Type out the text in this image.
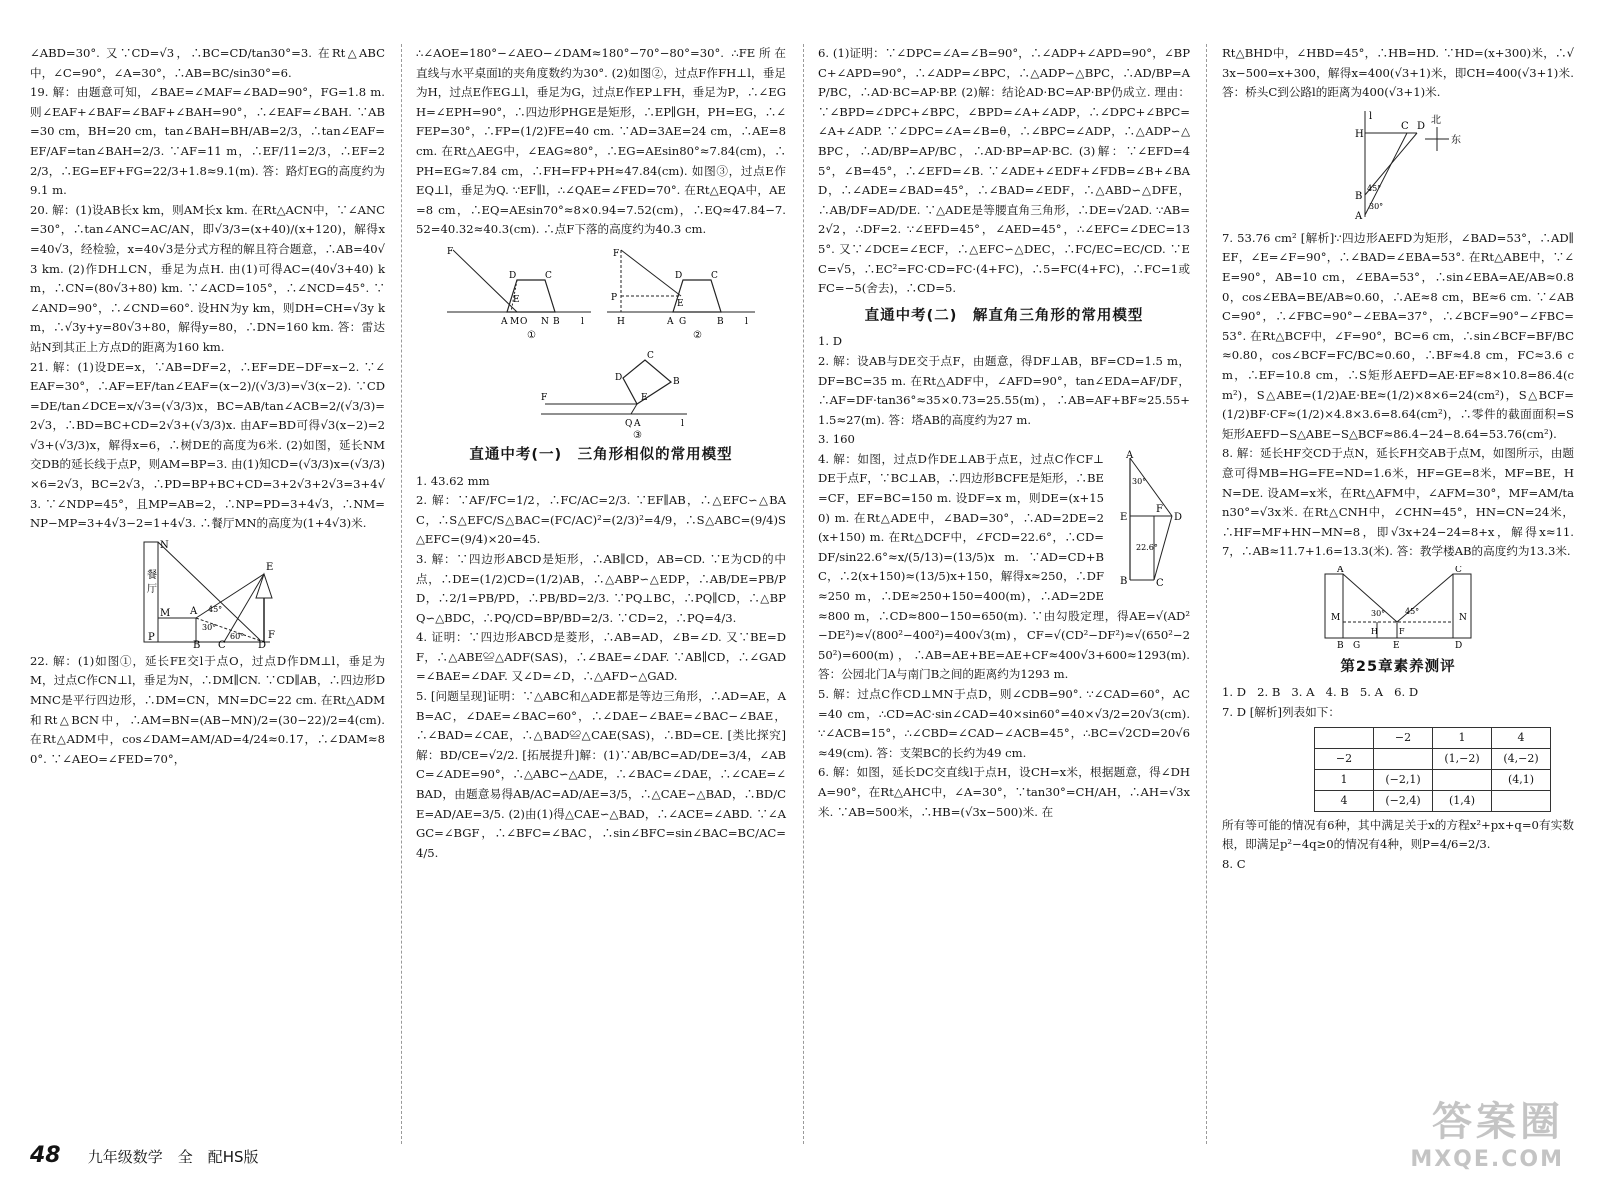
∠ABD=30°. 又∵CD=√3，∴BC=CD/tan30°=3. 在Rt△ABC中，∠C=90°，∠A=30°，∴AB=BC/sin30°=6.

19. 解：由题意可知，∠BAE=∠MAF=∠BAD=90°，FG=1.8 m. 则∠EAF+∠BAF=∠BAF+∠BAH=90°，∴∠EAF=∠BAH. ∵AB=30 cm，BH=20 cm，tan∠BAH=BH/AB=2/3，∴tan∠EAF=EF/AF=tan∠BAH=2/3. ∵AF=11 m，∴EF/11=2/3，∴EF=22/3，∴EG=EF+FG=22/3+1.8≈9.1(m). 答：路灯EG的高度约为9.1 m.

20. 解：(1)设AB长x km，则AM长x km. 在Rt△ACN中，∵∠ANC=30°，∴tan∠ANC=AC/AN，即√3/3=(x+40)/(x+120)，解得x=40√3，经检验，x=40√3是分式方程的解且符合题意，∴AB=40√3 km. (2)作DH⊥CN，垂足为点H. 由(1)可得AC=(40√3+40) km，∴CN=(80√3+80) km. ∵∠ACD=105°，∴∠NCD=45°. ∵∠AND=90°，∴∠CND=60°. 设HN为y km，则DH=CH=√3y km，∴√3y+y=80√3+80，解得y=80，∴DN=160 km. 答：雷达站N到其正上方点D的距离为160 km.

21. 解：(1)设DE=x，∵AB=DF=2，∴EF=DE−DF=x−2. ∵∠EAF=30°，∴AF=EF/tan∠EAF=(x−2)/(√3/3)=√3(x−2). ∵CD=DE/tan∠DCE=x/√3=(√3/3)x，BC=AB/tan∠ACB=2/(√3/3)=2√3，∴BD=BC+CD=2√3+(√3/3)x. 由AF=BD可得√3(x−2)=2√3+(√3/3)x，解得x=6，∴树DE的高度为6米. (2)如图，延长NM交DB的延长线于点P，则AM=BP=3. 由(1)知CD=(√3/3)x=(√3/3)×6=2√3，BC=2√3，∴PD=BP+BC+CD=3+2√3+2√3=3+4√3. ∵∠NDP=45°，且MP=AB=2，∴NP=PD=3+4√3，∴NM=NP−MP=3+4√3−2=1+4√3. ∴餐厅MN的高度为(1+4√3)米.

N
餐
厅
M A
P
B C	D
E
F
30°
45°
60°

22. 解：(1)如图①，延长FE交l于点O，过点D作DM⊥l，垂足为M，过点C作CN⊥l，垂足为N，∴DM∥CN. ∵CD∥AB，∴四边形DMNC是平行四边形，∴DM=CN，MN=DC=22 cm. 在Rt△ADM和Rt△BCN中，∴AM=BN=(AB−MN)/2=(30−22)/2=4(cm). 在Rt△ADM中，cos∠DAM=AM/AD=4/24≈0.17，∴∠DAM≈80°. ∵∠AEO=∠FED=70°，

∴∠AOE=180°−∠AEO−∠DAM≈180°−70°−80°=30°. ∴FE所在直线与水平桌面l的夹角度数约为30°. (2)如图②，过点F作FH⊥l，垂足为H，过点E作EG⊥l，垂足为G，过点E作EP⊥FH，垂足为P，∴∠EGH=∠EPH=90°，∴四边形PHGE是矩形，∴EP∥GH，PH=EG，∴∠FEP=30°，∴FP=(1/2)FE=40 cm. ∵AD=3AE=24 cm，∴AE=8 cm. 在Rt△AEG中，∠EAG≈80°，∴EG=AEsin80°≈7.84(cm)，∴PH=EG≈7.84 cm，∴FH=FP+PH≈47.84(cm). 如图③，过点E作EQ⊥l，垂足为Q. ∵EF∥l，∴∠QAE=∠FED=70°. 在Rt△EQA中，AE=8 cm，∴EQ=AEsin70°≈8×0.94=7.52(cm)，∴EQ≈47.84−7.52=40.32≈40.3(cm). ∴点F下落的高度约为40.3 cm.

A M O N B l
D	C
E
F
①
A G	B l
P
H
F
E
D	C
②
Q A	l
F	E
D
C
B
③
直通中考(一)　三角形相似的常用模型

1. 43.62 mm

2. 解：∵AF/FC=1/2，∴FC/AC=2/3. ∵EF∥AB，∴△EFC∽△BAC，∴S△EFC/S△BAC=(FC/AC)²=(2/3)²=4/9，∴S△ABC=(9/4)S△EFC=(9/4)×20=45.

3. 解：∵四边形ABCD是矩形，∴AB∥CD，AB=CD. ∵E为CD的中点，∴DE=(1/2)CD=(1/2)AB，∴△ABP∽△EDP，∴AB/DE=PB/PD，∴2/1=PB/PD，∴PB/BD=2/3. ∵PQ⊥BC，∴PQ∥CD，∴△BPQ∽△BDC，∴PQ/CD=BP/BD=2/3. ∵CD=2，∴PQ=4/3.

4. 证明：∵四边形ABCD是菱形，∴AB=AD，∠B=∠D. 又∵BE=DF，∴△ABE≌△ADF(SAS)，∴∠BAE=∠DAF. ∵AB∥CD，∴∠GAD=∠BAE=∠DAF. 又∠D=∠D，∴△AFD∽△GAD.

5. [问题呈现]证明：∵△ABC和△ADE都是等边三角形，∴AD=AE，AB=AC，∠DAE=∠BAC=60°，∴∠DAE−∠BAE=∠BAC−∠BAE，∴∠BAD=∠CAE，∴△BAD≌△CAE(SAS)，∴BD=CE. [类比探究]解：BD/CE=√2/2. [拓展提升]解：(1)∵AB/BC=AD/DE=3/4，∠ABC=∠ADE=90°，∴△ABC∽△ADE，∴∠BAC=∠DAE，∴∠CAE=∠BAD，由题意易得AB/AC=AD/AE=3/5，∴△CAE∽△BAD，∴BD/CE=AD/AE=3/5. (2)由(1)得△CAE∽△BAD，∴∠ACE=∠ABD. ∵∠AGC=∠BGF，∴∠BFC=∠BAC，∴sin∠BFC=sin∠BAC=BC/AC=4/5.

6. (1)证明：∵∠DPC=∠A=∠B=90°，∴∠ADP+∠APD=90°，∠BPC+∠APD=90°，∴∠ADP=∠BPC，∴△ADP∽△BPC，∴AD/BP=AP/BC，∴AD·BC=AP·BP. (2)解：结论AD·BC=AP·BP仍成立. 理由：∵∠BPD=∠DPC+∠BPC，∠BPD=∠A+∠ADP，∴∠DPC+∠BPC=∠A+∠ADP. ∵∠DPC=∠A=∠B=θ，∴∠BPC=∠ADP，∴△ADP∽△BPC，∴AD/BP=AP/BC，∴AD·BP=AP·BC. (3)解：∵∠EFD=45°，∠B=45°，∴∠EFD=∠B. ∵∠ADE+∠EDF+∠FDB=∠B+∠BAD，∴∠ADE=∠BAD=45°，∴∠BAD=∠EDF，∴△ABD∽△DFE，∴AB/DF=AD/DE. ∵△ADE是等腰直角三角形，∴DE=√2AD. ∵AB=2√2，∴DF=2. ∵∠EFD=45°，∠AED=45°，∴∠EFC=∠DEC=135°. 又∵∠DCE=∠ECF，∴△EFC∽△DEC，∴FC/EC=EC/CD. ∵EC=√5，∴EC²=FC·CD=FC·(4+FC)，∴5=FC(4+FC)，∴FC=1或FC=−5(舍去)，∴CD=5.

直通中考(二)　解直角三角形的常用模型

1. D

2. 解：设AB与DE交于点F，由题意，得DF⊥AB，BF=CD=1.5 m，DF=BC=35 m. 在Rt△ADF中，∠AFD=90°，tan∠EDA=AF/DF，∴AF=DF·tan36°≈35×0.73=25.55(m)，∴AB=AF+BF≈25.55+1.5≈27(m). 答：塔AB的高度约为27 m.

3. 160

A
B	C
D
E
F
30°
22.6°

4. 解：如图，过点D作DE⊥AB于点E，过点C作CF⊥DE于点F，∵BC⊥AB，∴四边形BCFE是矩形，∴BE=CF，EF=BC=150 m. 设DF=x m，则DE=(x+150) m. 在Rt△ADE中，∠BAD=30°，∴AD=2DE=2(x+150) m. 在Rt△DCF中，∠FCD=22.6°，∴CD=DF/sin22.6°≈x/(5/13)=(13/5)x m. ∵AD=CD+BC，∴2(x+150)≈(13/5)x+150，解得x≈250，∴DF≈250 m，∴DE≈250+150=400(m)，∴AD=2DE≈800 m，∴CD≈800−150=650(m). ∵由勾股定理，得AE=√(AD²−DE²)≈√(800²−400²)=400√3(m)，CF=√(CD²−DF²)≈√(650²−250²)=600(m)，∴AB=AE+BE=AE+CF≈400√3+600≈1293(m). 答：公园北门A与南门B之间的距离约为1293 m.

5. 解：过点C作CD⊥MN于点D，则∠CDB=90°. ∵∠CAD=60°，AC=40 cm，∴CD=AC·sin∠CAD=40×sin60°=40×√3/2=20√3(cm). ∵∠ACB=15°，∴∠CBD=∠CAD−∠ACB=45°，∴BC=√2CD=20√6≈49(cm). 答：支架BC的长约为49 cm.

6. 解：如图，延长DC交直线l于点H，设CH=x米，根据题意，得∠DHA=90°，在Rt△AHC中，∠A=30°，∵tan30°=CH/AH，∴AH=√3x米. ∵AB=500米，∴HB=(√3x−500)米. 在

Rt△BHD中，∠HBD=45°，∴HB=HD. ∵HD=(x+300)米，∴√3x−500=x+300，解得x=400(√3+1)米，即CH=400(√3+1)米. 答：桥头C到公路l的距离为400(√3+1)米.

北
东
H
B
A
C D
l
45°
30°

7. 53.76 cm² [解析]∵四边形AEFD为矩形，∠BAD=53°，∴AD∥EF，∠E=∠F=90°，∴∠BAD=∠EBA=53°. 在Rt△ABE中，∵∠E=90°，AB=10 cm，∠EBA=53°，∴sin∠EBA=AE/AB≈0.80，cos∠EBA=BE/AB≈0.60，∴AE≈8 cm，BE≈6 cm. ∵∠ABC=90°，∴∠FBC=90°−∠EBA=37°，∴∠BCF=90°−∠FBC=53°. 在Rt△BCF中，∠F=90°，BC=6 cm，∴sin∠BCF=BF/BC≈0.80，cos∠BCF=FC/BC≈0.60，∴BF≈4.8 cm，FC≈3.6 cm，∴EF=10.8 cm，∴S矩形AEFD=AE·EF≈8×10.8=86.4(cm²)，S△ABE=(1/2)AE·BE≈(1/2)×8×6=24(cm²)，S△BCF=(1/2)BF·CF≈(1/2)×4.8×3.6=8.64(cm²)，∴零件的截面面积=S矩形AEFD−S△ABE−S△BCF≈86.4−24−8.64=53.76(cm²).

8. 解：延长HF交CD于点N，延长FH交AB于点M，如图所示，由题意可得MB=HG=FE=ND=1.6米，HF=GE=8米，MF=BE，HN=DE. 设AM=x米，在Rt△AFM中，∠AFM=30°，MF=AM/tan30°=√3x米. 在Rt△CNH中，∠CHN=45°，HN=CN=24米，∴HF=MF+HN−MN=8，即√3x+24−24=8+x，解得x≈11.7，∴AB≈11.7+1.6=13.3(米). 答：教学楼AB的高度约为13.3米.

A	C
M	N
B	D
G	E
30° 45°
H	F
第25章素养测评

1. D   2. B   3. A   4. B   5. A   6. D

7. D [解析]列表如下：

	−2	1	4
−2		(1,−2)	(4,−2)
1	(−2,1)		(4,1)
4	(−2,4)	(1,4)	

所有等可能的情况有6种，其中满足关于x的方程x²+px+q=0有实数根，即满足p²−4q≥0的情况有4种，则P=4/6=2/3.

8. C

48 九年级数学　全　配HS版
答案圈
MXQE.COM
